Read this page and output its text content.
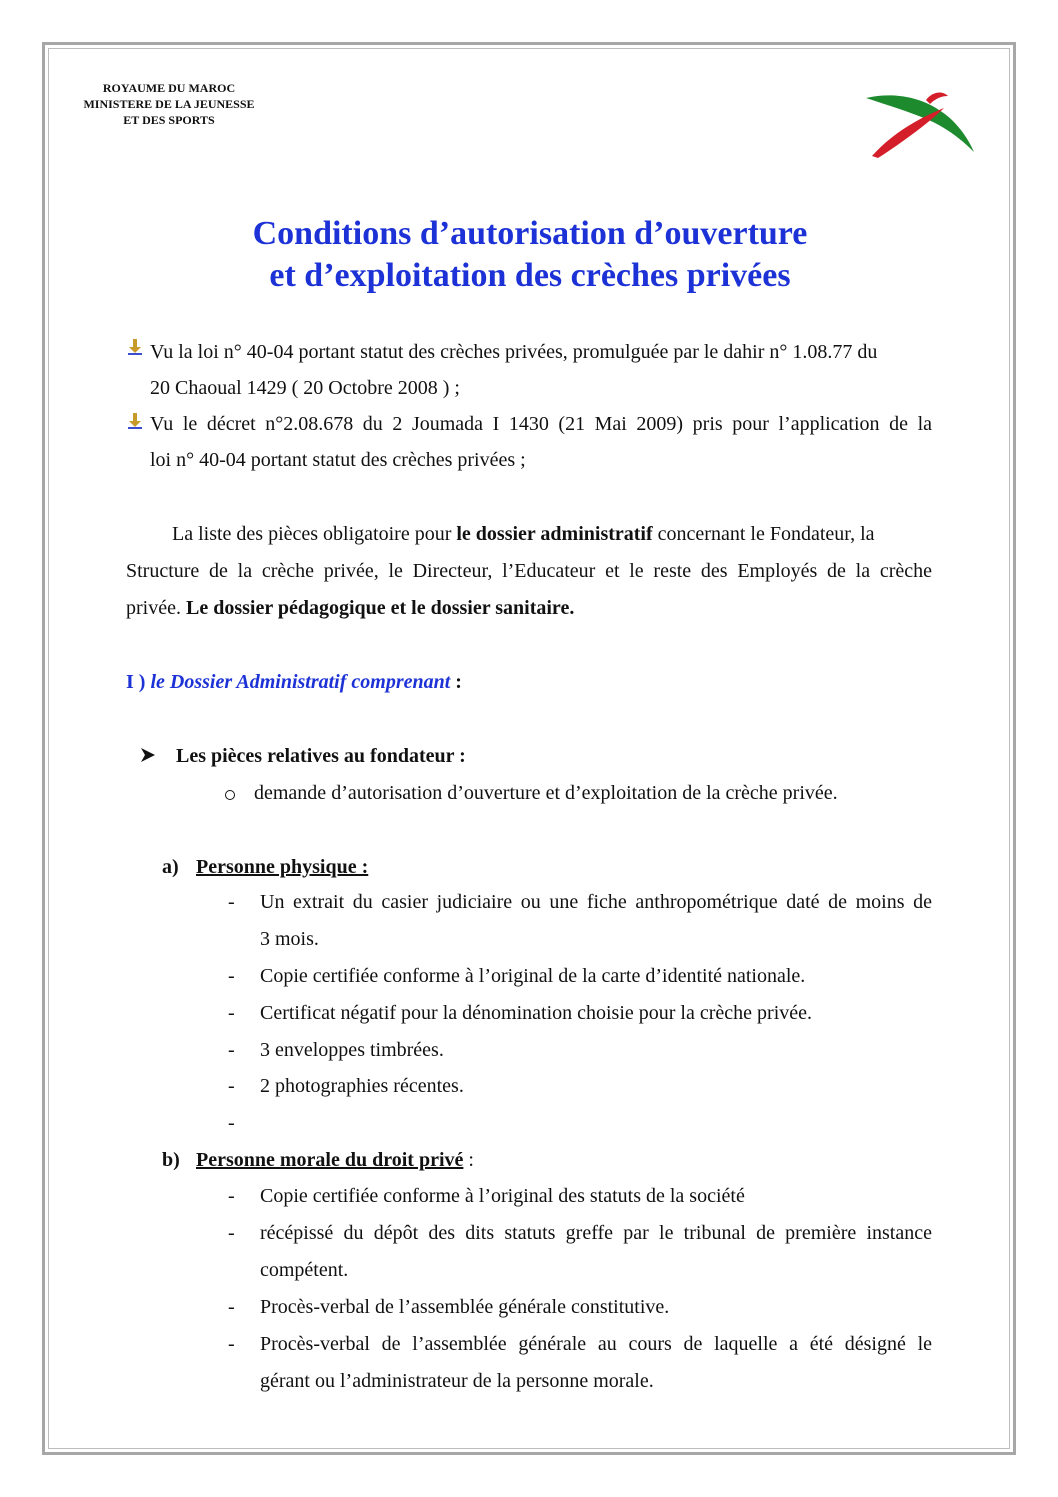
ROYAUME DU MAROC
MINISTERE DE LA JEUNESSE
ET DES SPORTS
Conditions d’autorisation d’ouverture
et d’exploitation des crèches privées
Vu la loi n° 40-04 portant statut des crèches privées, promulguée par le dahir n° 1.08.77 du
20 Chaoual 1429 ( 20 Octobre 2008 ) ;
Vu le décret n°2.08.678 du 2 Joumada I 1430 (21 Mai 2009) pris pour l’application de la
loi n° 40-04 portant statut des crèches privées ;
La liste des pièces obligatoire pour le dossier administratif concernant le Fondateur, la
Structure de la crèche privée, le Directeur, l’Educateur et le reste des Employés de la crèche
privée. Le dossier pédagogique et le dossier sanitaire.
I ) le Dossier Administratif comprenant :
Les pièces relatives au fondateur :
demande d’autorisation d’ouverture et d’exploitation de la crèche privée.
a) Personne physique :
- Un extrait du casier judiciaire ou une fiche anthropométrique daté de moins de
3 mois.
- Copie certifiée conforme à l’original de la carte d’identité nationale.
- Certificat négatif pour la dénomination choisie pour la crèche privée.
- 3 enveloppes timbrées.
- 2 photographies récentes.
-
b) Personne morale du droit privé :
- Copie certifiée conforme à l’original des statuts de la société
- récépissé du dépôt des dits statuts greffe par le tribunal de première instance
compétent.
- Procès-verbal de l’assemblée générale constitutive.
- Procès-verbal de l’assemblée générale au cours de laquelle a été désigné le
gérant ou l’administrateur de la personne morale.
